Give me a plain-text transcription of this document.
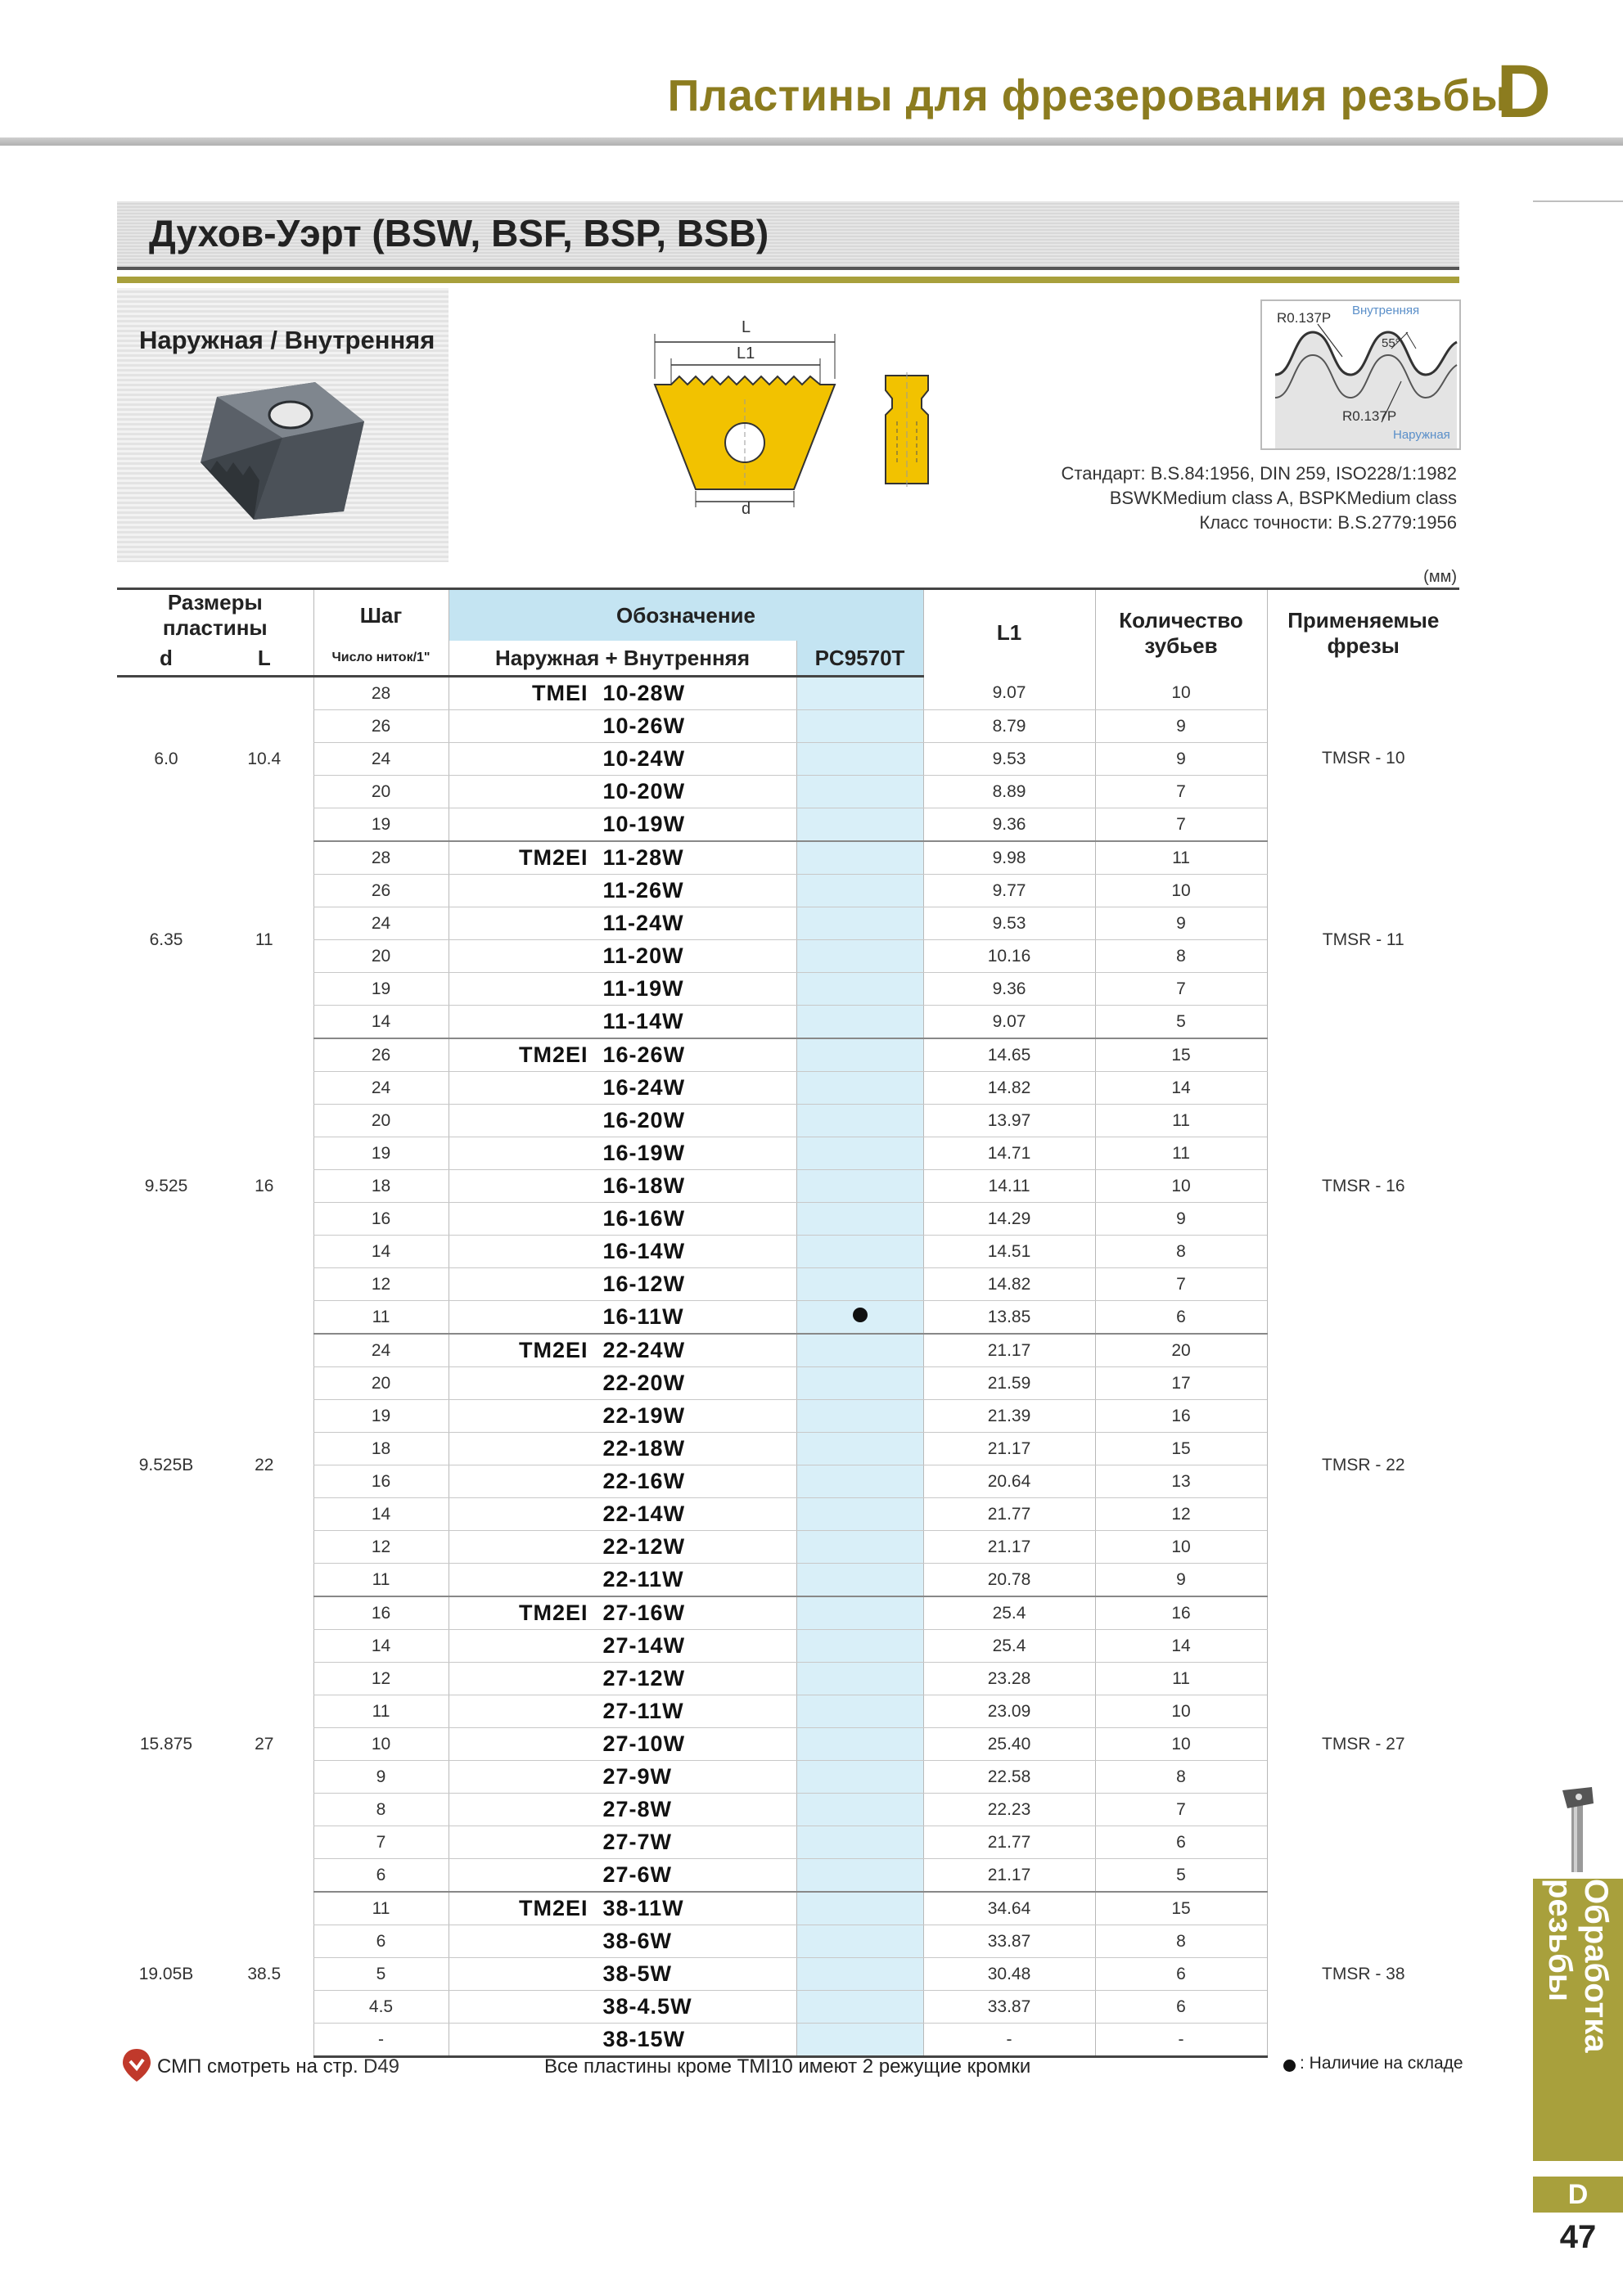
Пластины для фрезерования резьбы
D
Обработка резьбы
D
47
Духов-Уэрт (BSW, BSF, BSP, BSB)
Наружная / Внутренняя	L
L1
d
R0.137P Внутренняя
55°
R0.137P
Наружная
Стандарт: B.S.84:1956, DIN 259, ISO228/1:1982
BSWKMedium class A, BSPKMedium class
Класс точности: B.S.2779:1956
(мм)
Размеры пластины		Шаг	Обозначение		L1	Количество зубьев	Применяемые фрезы
d	L	Число ниток/1"	Наружная + Внутренняя	PC9570T			
6.0	10.4	28	TMEI 10-28W		9.07	10	TMSR - 10
		26	10-26W		8.79	9	
		24	10-24W		9.53	9	
		20	10-20W		8.89	7	
		19	10-19W		9.36	7	
6.35	11	28	TM2EI 11-28W		9.98	11	TMSR - 11
		26	11-26W		9.77	10	
		24	11-24W		9.53	9	
		20	11-20W		10.16	8	
		19	11-19W		9.36	7	
		14	11-14W		9.07	5	
9.525	16	26	TM2EI 16-26W		14.65	15	TMSR - 16
		24	16-24W		14.82	14	
		20	16-20W		13.97	11	
		19	16-19W		14.71	11	
		18	16-18W		14.11	10	
		16	16-16W		14.29	9	
		14	16-14W		14.51	8	
		12	16-12W		14.82	7	
		11	16-11W		13.85	6	
9.525B	22	24	TM2EI 22-24W		21.17	20	TMSR - 22
		20	22-20W		21.59	17	
		19	22-19W		21.39	16	
		18	22-18W		21.17	15	
		16	22-16W		20.64	13	
		14	22-14W		21.77	12	
		12	22-12W		21.17	10	
		11	22-11W		20.78	9	
15.875	27	16	TM2EI 27-16W		25.4	16	TMSR - 27
		14	27-14W		25.4	14	
		12	27-12W		23.28	11	
		11	27-11W		23.09	10	
		10	27-10W		25.40	10	
		9	27-9W		22.58	8	
		8	27-8W		22.23	7	
		7	27-7W		21.77	6	
		6	27-6W		21.17	5	
19.05B	38.5	11	TM2EI 38-11W		34.64	15	TMSR - 38
		6	38-6W		33.87	8	
		5	38-5W		30.48	6	
		4.5	38-4.5W		33.87	6	
		-	38-15W		-	-	
СМП смотреть на стр. D49	Все пластины кроме TMI10 имеют 2 режущие кромки	: Наличие на складе
